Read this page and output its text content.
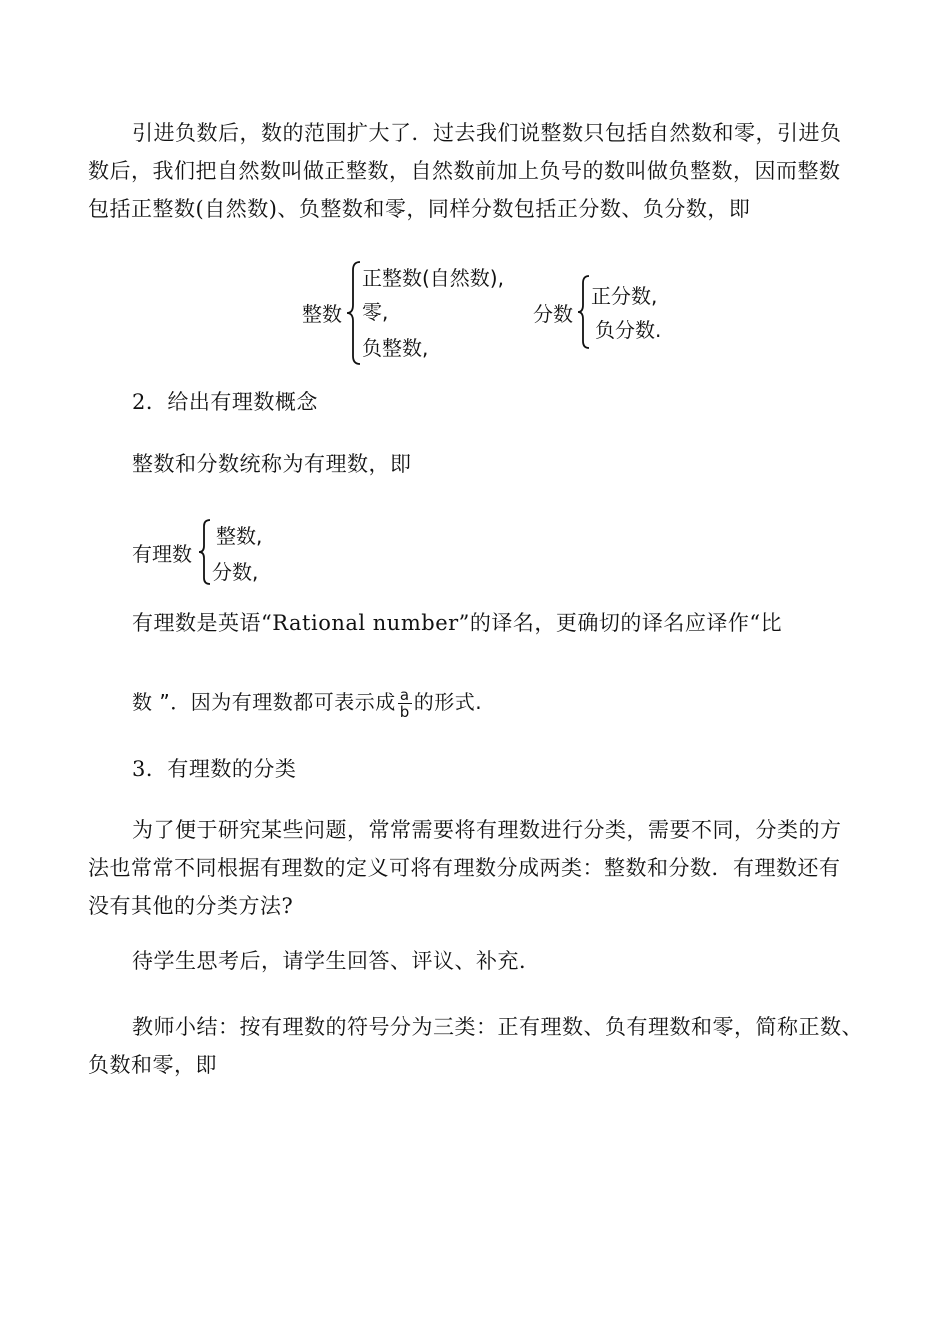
引进负数后，数的范围扩大了．过去我们说整数只包括自然数和零，引进负
数后，我们把自然数叫做正整数，自然数前加上负号的数叫做负整数，因而整数
包括正整数(自然数)、负整数和零，同样分数包括正分数、负分数，即
整数
正整数(自然数),
零,
负整数,
分数
正分数,
负分数.
2．给出有理数概念
整数和分数统称为有理数，即
有理数
整数,
分数,
有理数是英语“Rational number”的译名，更确切的译名应译作“比
数 ”．因为有理数都可表示成 $\frac{a}{b}$ 的形式.
3．有理数的分类
为了便于研究某些问题，常常需要将有理数进行分类，需要不同，分类的方
法也常常不同根据有理数的定义可将有理数分成两类：整数和分数．有理数还有
没有其他的分类方法?
待学生思考后，请学生回答、评议、补充．
教师小结：按有理数的符号分为三类：正有理数、负有理数和零，简称正数、
负数和零，即
